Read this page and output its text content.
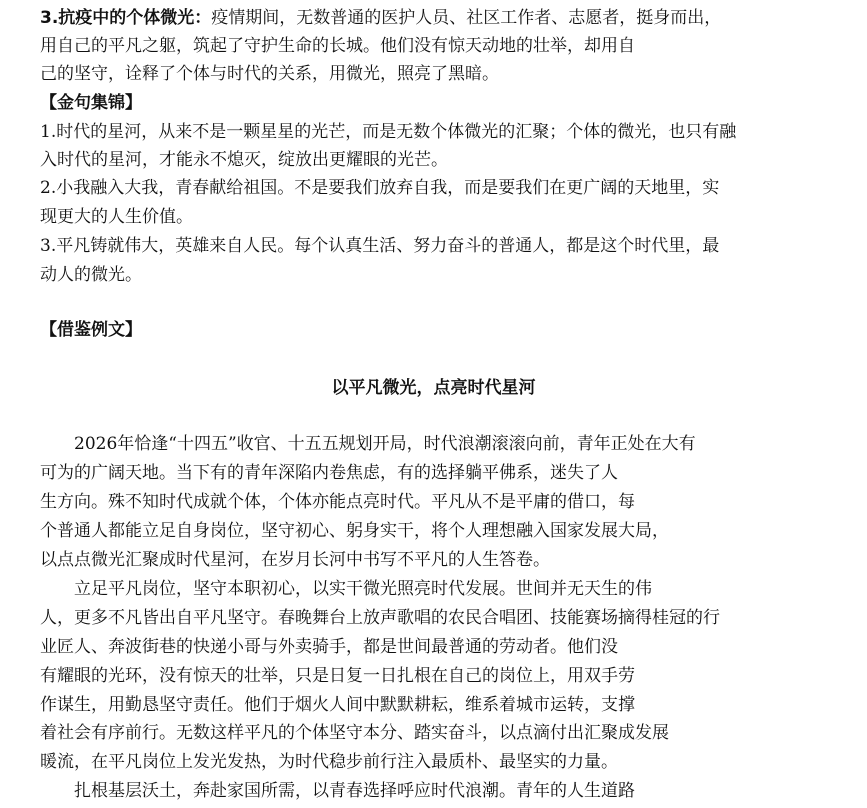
3.抗疫中的个体微光：疫情期间，无数普通的医护人员、社区工作者、志愿者，挺身而出，
用自己的平凡之躯，筑起了守护生命的长城。他们没有惊天动地的壮举，却用自
己的坚守，诠释了个体与时代的关系，用微光，照亮了黑暗。
【金句集锦】
1.时代的星河，从来不是一颗星星的光芒，而是无数个体微光的汇聚；个体的微光，也只有融
入时代的星河，才能永不熄灭，绽放出更耀眼的光芒。
2.小我融入大我，青春献给祖国。不是要我们放弃自我，而是要我们在更广阔的天地里，实
现更大的人生价值。
3.平凡铸就伟大，英雄来自人民。每个认真生活、努力奋斗的普通人，都是这个时代里，最
动人的微光。
【借鉴例文】
以平凡微光，点亮时代星河
2026年恰逢“十四五”收官、十五五规划开局，时代浪潮滚滚向前，青年正处在大有
可为的广阔天地。当下有的青年深陷内卷焦虑，有的选择躺平佛系，迷失了人
生方向。殊不知时代成就个体，个体亦能点亮时代。平凡从不是平庸的借口，每
个普通人都能立足自身岗位，坚守初心、躬身实干，将个人理想融入国家发展大局，
以点点微光汇聚成时代星河，在岁月长河中书写不平凡的人生答卷。
立足平凡岗位，坚守本职初心，以实干微光照亮时代发展。世间并无天生的伟
人，更多不凡皆出自平凡坚守。春晚舞台上放声歌唱的农民合唱团、技能赛场摘得桂冠的行
业匠人、奔波街巷的快递小哥与外卖骑手，都是世间最普通的劳动者。他们没
有耀眼的光环，没有惊天的壮举，只是日复一日扎根在自己的岗位上，用双手劳
作谋生，用勤恳坚守责任。他们于烟火人间中默默耕耘，维系着城市运转，支撑
着社会有序前行。无数这样平凡的个体坚守本分、踏实奋斗，以点滴付出汇聚成发展
暖流，在平凡岗位上发光发热，为时代稳步前行注入最质朴、最坚实的力量。
扎根基层沃土，奔赴家国所需，以青春选择呼应时代浪潮。青年的人生道路
